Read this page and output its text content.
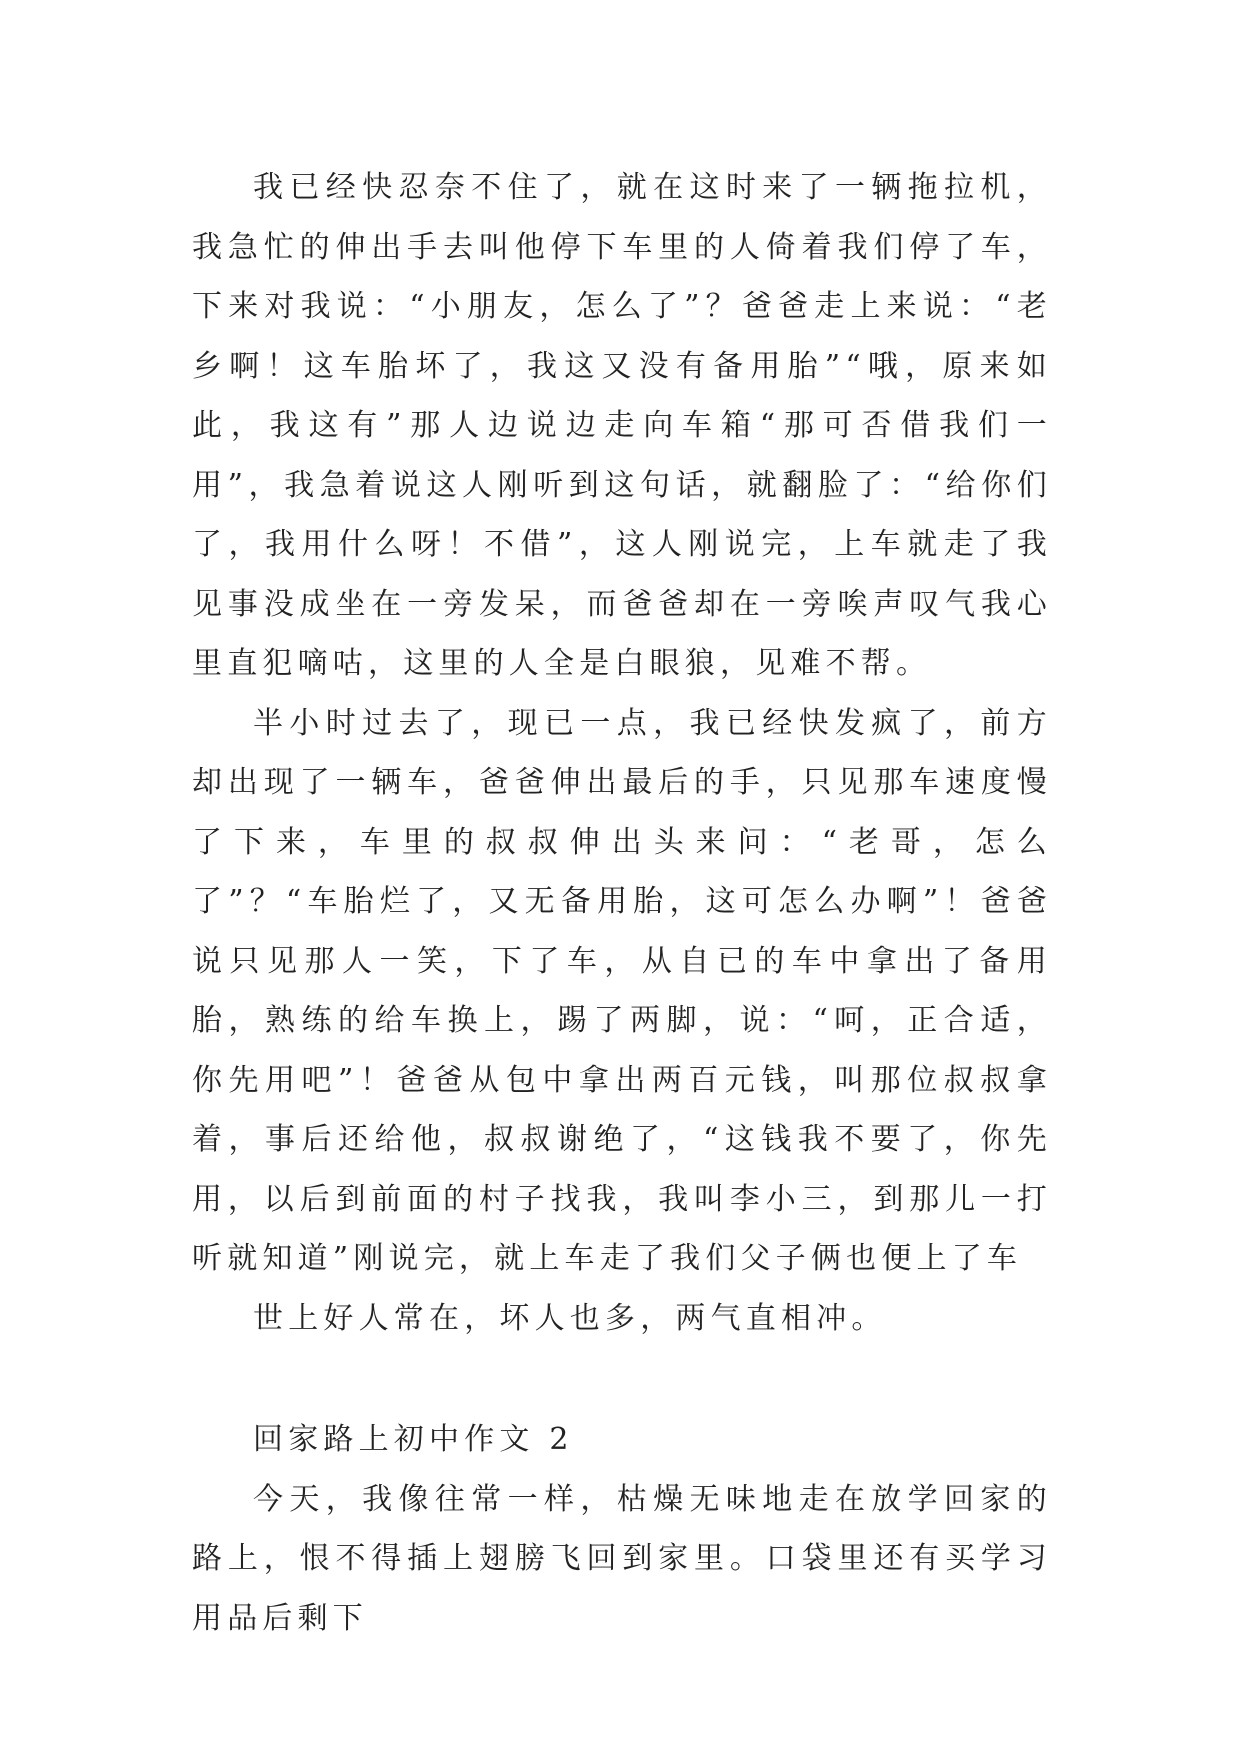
我已经快忍奈不住了，就在这时来了一辆拖拉机，我急忙的伸出手去叫他停下车里的人倚着我们停了车，下来对我说：“小朋友，怎么了”？爸爸走上来说：“老乡啊！这车胎坏了，我这又没有备用胎”“哦，原来如此，我这有”那人边说边走向车箱“那可否借我们一用”，我急着说这人刚听到这句话，就翻脸了：“给你们了，我用什么呀！不借”，这人刚说完，上车就走了我见事没成坐在一旁发呆，而爸爸却在一旁唉声叹气我心里直犯嘀咕，这里的人全是白眼狼，见难不帮。

半小时过去了，现已一点，我已经快发疯了，前方却出现了一辆车，爸爸伸出最后的手，只见那车速度慢了下来，车里的叔叔伸出头来问：“老哥，怎么了”？“车胎烂了，又无备用胎，这可怎么办啊”！爸爸说只见那人一笑，下了车，从自已的车中拿出了备用胎，熟练的给车换上，踢了两脚，说：“呵，正合适，你先用吧”！爸爸从包中拿出两百元钱，叫那位叔叔拿着，事后还给他，叔叔谢绝了，“这钱我不要了，你先用，以后到前面的村子找我，我叫李小三，到那儿一打听就知道”刚说完，就上车走了我们父子俩也便上了车

世上好人常在，坏人也多，两气直相冲。

回家路上初中作文 2

今天，我像往常一样，枯燥无味地走在放学回家的路上，恨不得插上翅膀飞回到家里。口袋里还有买学习用品后剩下
